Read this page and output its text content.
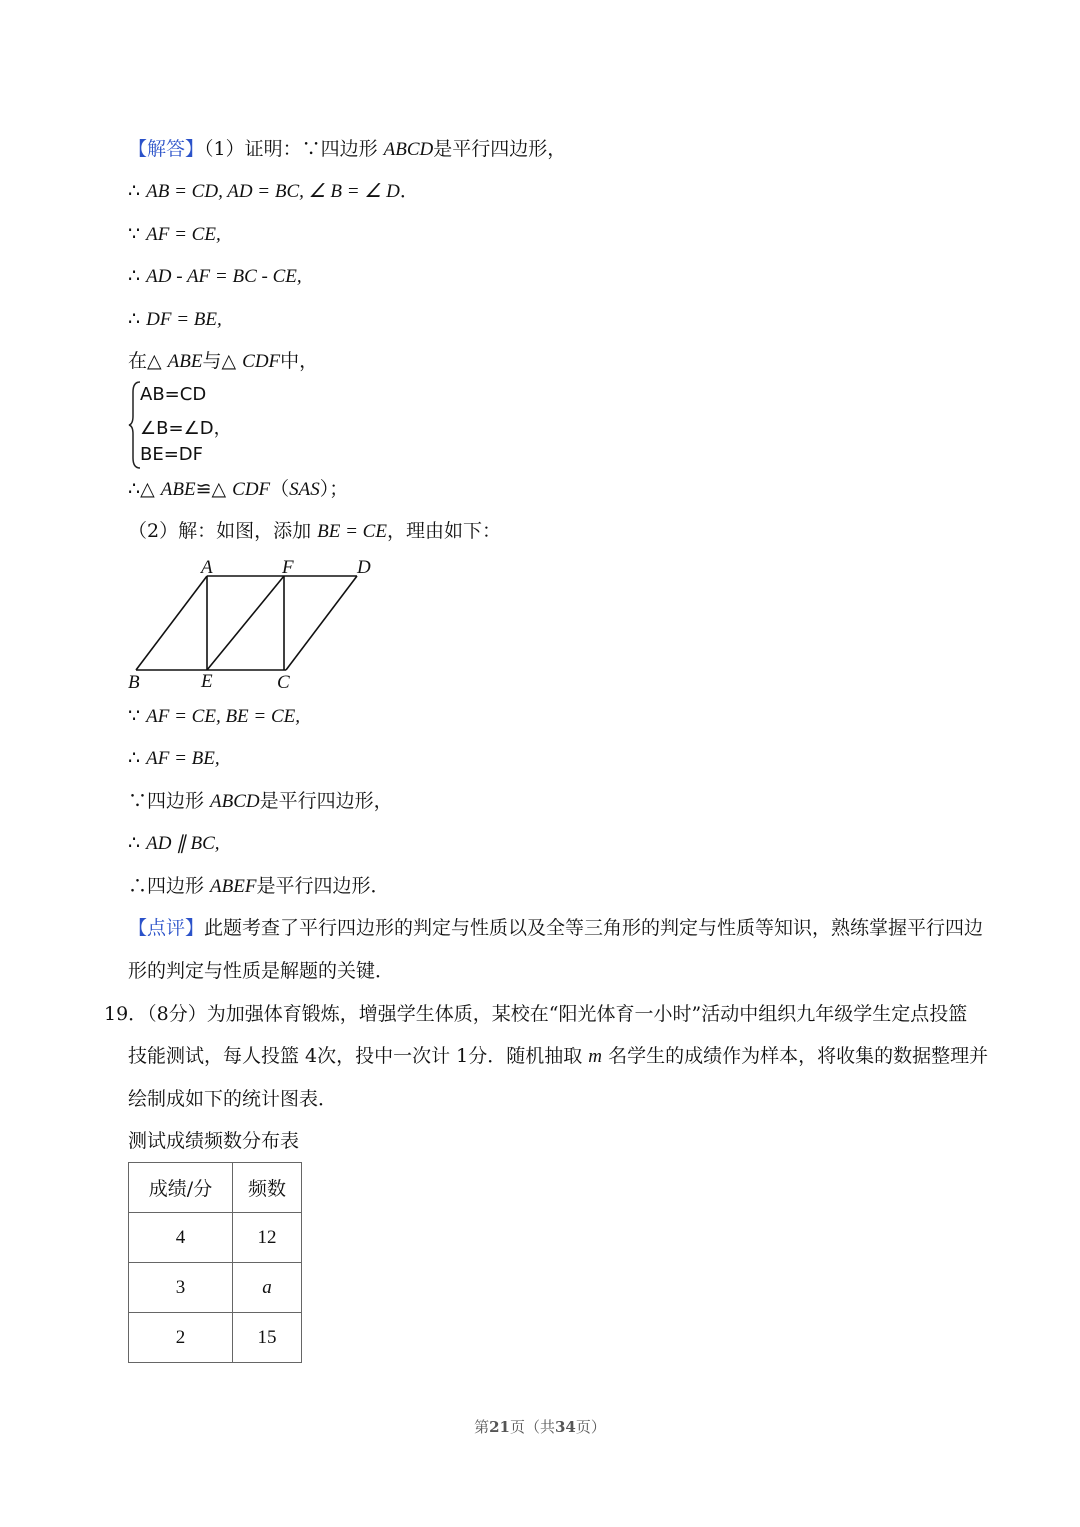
【解答】（1）证明：∵四边形 ABCD是平行四边形，
∴ AB = CD, AD = BC, ∠ B = ∠ D．
∵ AF = CE,
∴ AD - AF = BC - CE,
∴ DF = BE,
在△ ABE与△ CDF中，
AB=CD
∠B=∠D，
BE=DF
∴△ ABE≌△ CDF（SAS）；
（2）解：如图，添加 BE = CE，理由如下：
A	F	D
B	E	C
∵ AF = CE, BE = CE,
∴ AF = BE,
∵四边形 ABCD是平行四边形，
∴ AD ∥ BC,
∴四边形 ABEF是平行四边形．
【点评】此题考查了平行四边形的判定与性质以及全等三角形的判定与性质等知识，熟练掌握平行四边
形的判定与性质是解题的关键．
19．（8分）为加强体育锻炼，增强学生体质，某校在“阳光体育一小时”活动中组织九年级学生定点投篮
技能测试，每人投篮 4次，投中一次计 1分．随机抽取 m 名学生的成绩作为样本，将收集的数据整理并
绘制成如下的统计图表．
测试成绩频数分布表
成绩/分	频数
4	12
3	a
2	15
第21页（共34页）
